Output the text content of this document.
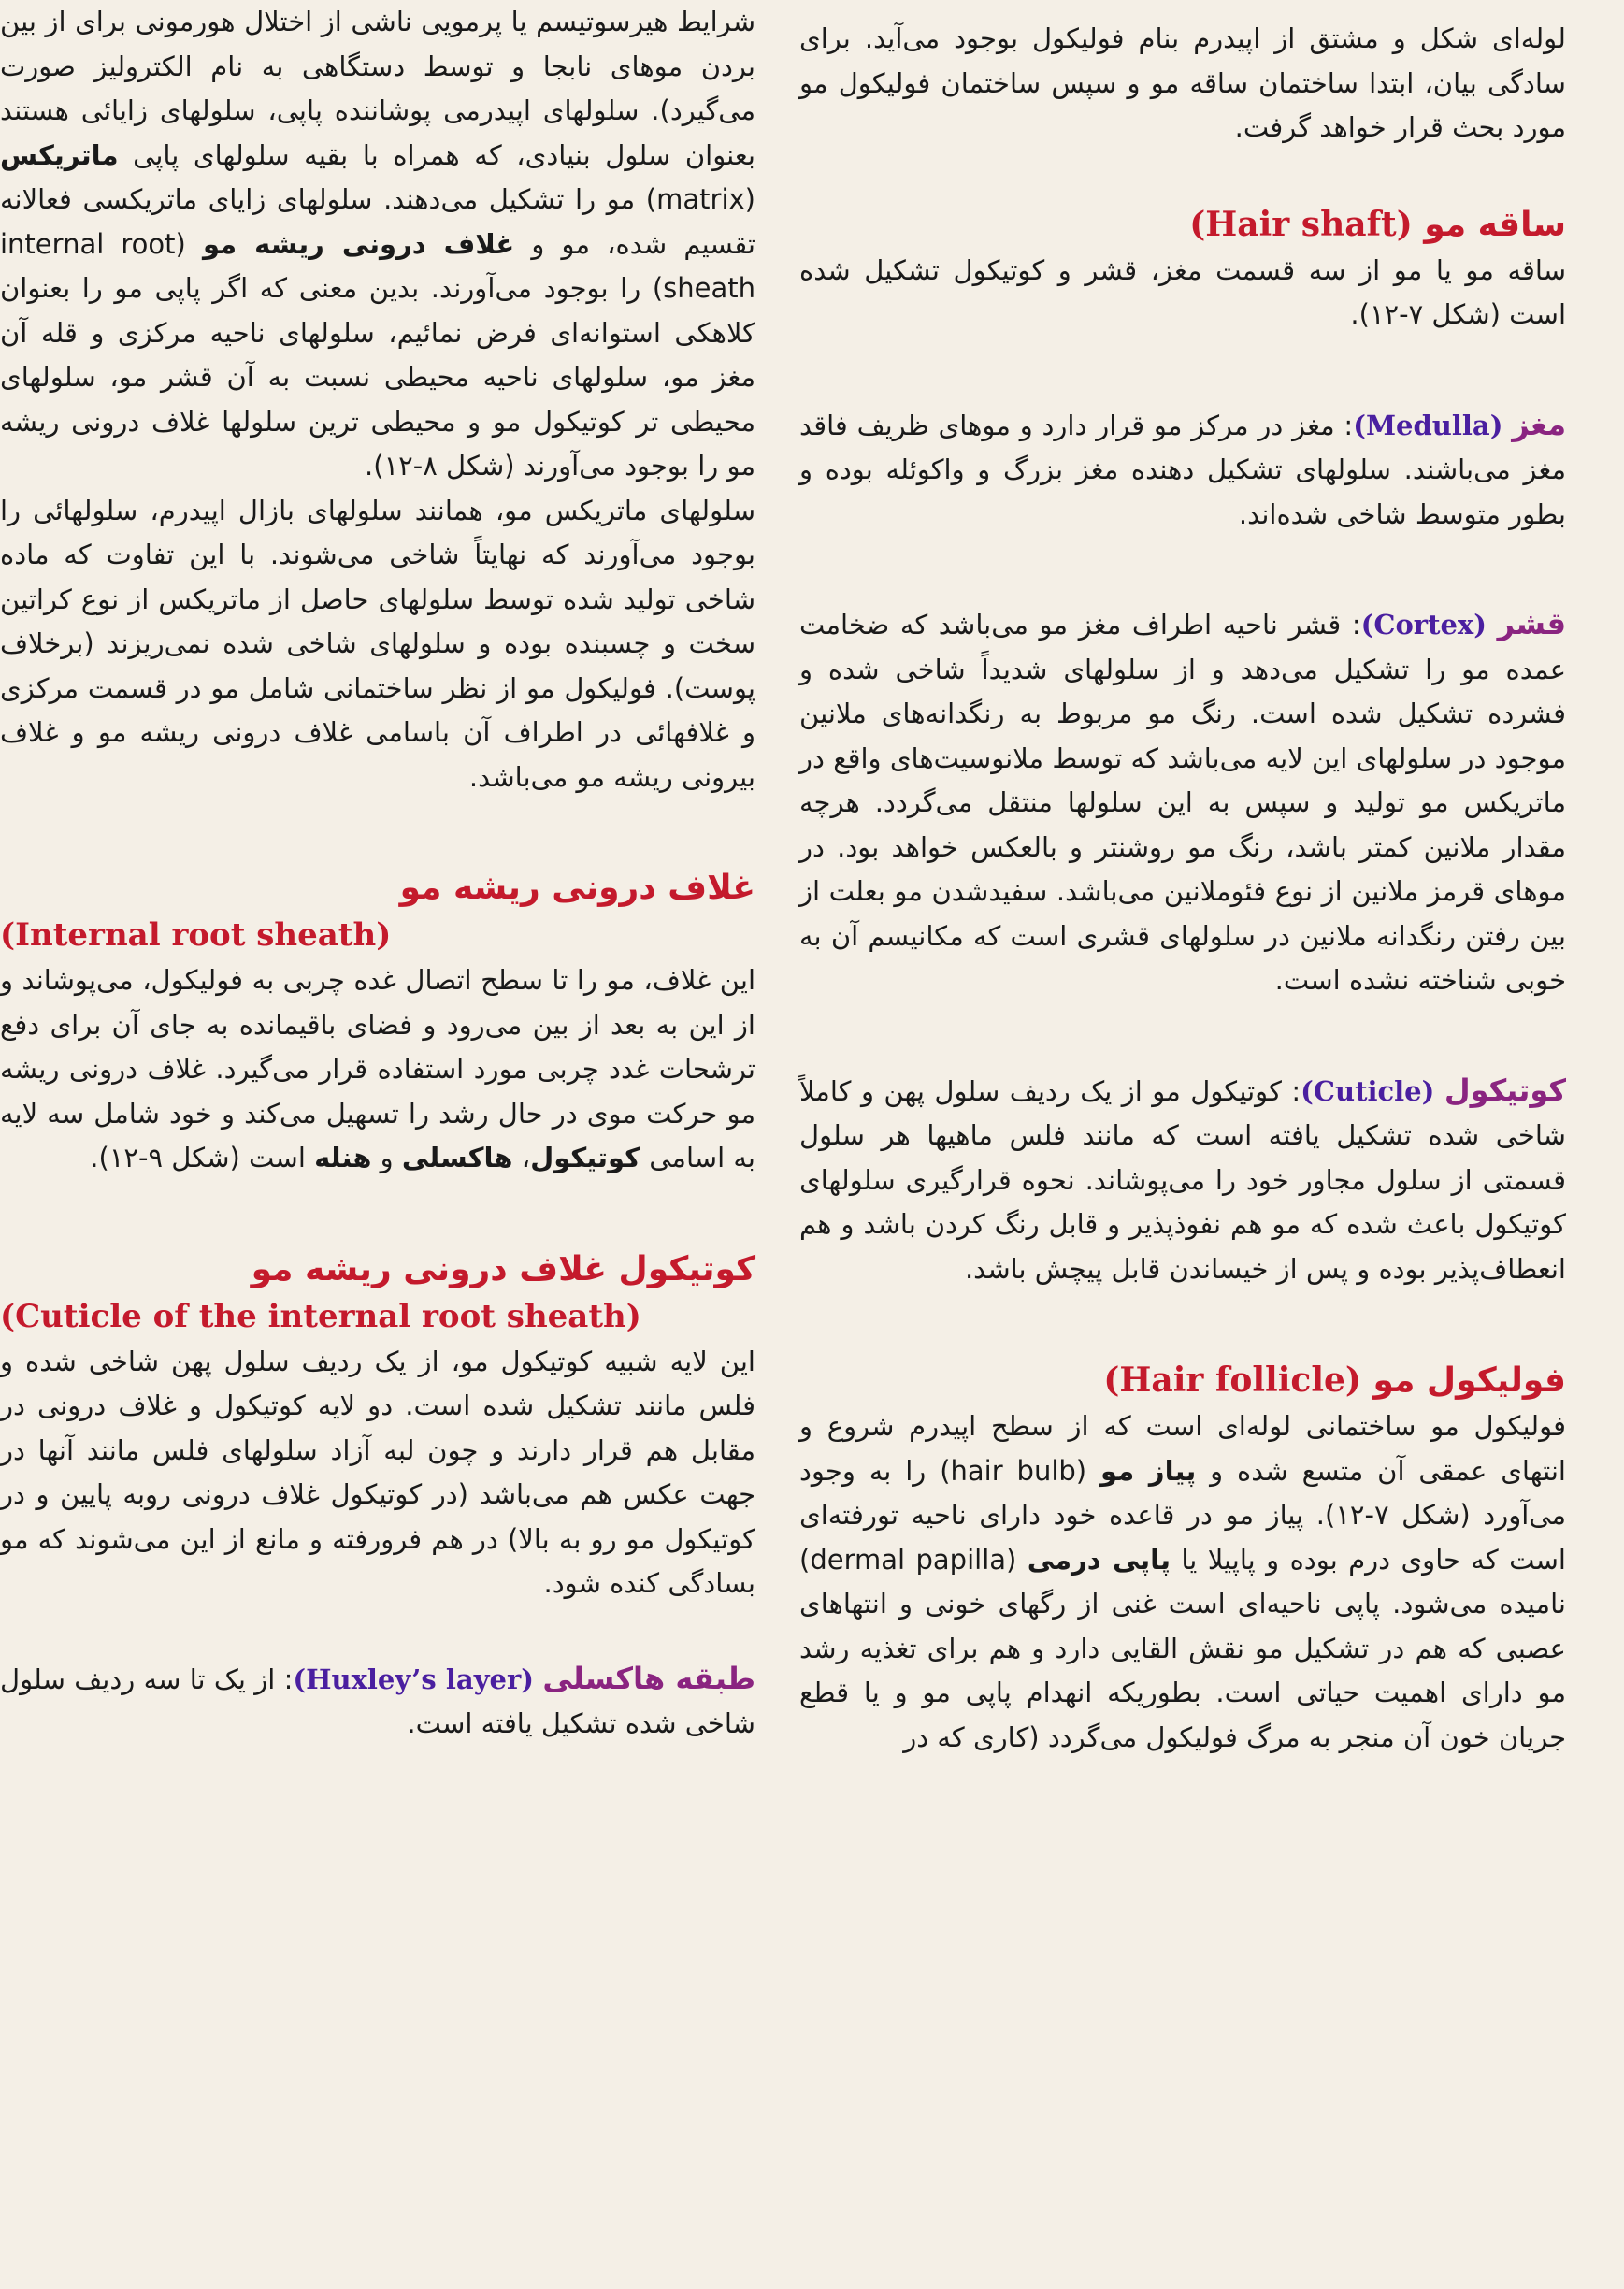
لوله‌ای شکل و مشتق از اپیدرم بنام فولیکول بوجود می‌آید. برای سادگی بیان، ابتدا ساختمان ساقه مو و سپس ساختمان فولیکول مو مورد بحث قرار خواهد گرفت.

ساقه مو (Hair shaft)

ساقه مو یا مو از سه قسمت مغز، قشر و کوتیکول تشکیل شده است (شکل ۷-۱۲).

مغز (Medulla): مغز در مرکز مو قرار دارد و موهای ظریف فاقد مغز می‌باشند. سلولهای تشکیل دهنده مغز بزرگ و واکوئله بوده و بطور متوسط شاخی شده‌اند.

قشر (Cortex): قشر ناحیه اطراف مغز مو می‌باشد که ضخامت عمده مو را تشکیل می‌دهد و از سلولهای شدیداً شاخی شده و فشرده تشکیل شده است. رنگ مو مربوط به رنگدانه‌های ملانین موجود در سلولهای این لایه می‌باشد که توسط ملانوسیت‌های واقع در ماتریکس مو تولید و سپس به این سلولها منتقل می‌گردد. هرچه مقدار ملانین کمتر باشد، رنگ مو روشنتر و بالعکس خواهد بود. در موهای قرمز ملانین از نوع فئوملانین می‌باشد. سفیدشدن مو بعلت از بین رفتن رنگدانه ملانین در سلولهای قشری است که مکانیسم آن به خوبی شناخته نشده است.

کوتیکول (Cuticle): کوتیکول مو از یک ردیف سلول پهن و کاملاً شاخی شده تشکیل یافته است که مانند فلس ماهیها هر سلول قسمتی از سلول مجاور خود را می‌پوشاند. نحوه قرارگیری سلولهای کوتیکول باعث شده که مو هم نفوذپذیر و قابل رنگ کردن باشد و هم انعطاف‌پذیر بوده و پس از خیساندن قابل پیچش باشد.

فولیکول مو (Hair follicle)

فولیکول مو ساختمانی لوله‌ای است که از سطح اپیدرم شروع و انتهای عمقی آن متسع شده و پیاز مو (hair bulb) را به وجود می‌آورد (شکل ۷-۱۲). پیاز مو در قاعده خود دارای ناحیه تورفته‌ای است که حاوی درم بوده و پاپیلا یا پاپی درمی (dermal papilla) نامیده می‌شود. پاپی ناحیه‌ای است غنی از رگهای خونی و انتهاهای عصبی که هم در تشکیل مو نقش القایی دارد و هم برای تغذیه رشد مو دارای اهمیت حیاتی است. بطوریکه انهدام پاپی مو و یا قطع جریان خون آن منجر به مرگ فولیکول می‌گردد (کاری که در

شرایط هیرسوتیسم یا پرمویی ناشی از اختلال هورمونی برای از بین بردن موهای نابجا و توسط دستگاهی به نام الکترولیز صورت می‌گیرد). سلولهای اپیدرمی پوشاننده پاپی، سلولهای زایائی هستند بعنوان سلول بنیادی، که همراه با بقیه سلولهای پاپی ماتریکس (matrix) مو را تشکیل می‌دهند. سلولهای زایای ماتریکسی فعالانه تقسیم شده، مو و غلاف درونی ریشه مو (internal root sheath) را بوجود می‌آورند. بدین معنی که اگر پاپی مو را بعنوان کلاهکی استوانه‌ای فرض نمائیم، سلولهای ناحیه مرکزی و قله آن مغز مو، سلولهای ناحیه محیطی نسبت به آن قشر مو، سلولهای محیطی تر کوتیکول مو و محیطی ترین سلولها غلاف درونی ریشه مو را بوجود می‌آورند (شکل ۸-۱۲).

سلولهای ماتریکس مو، همانند سلولهای بازال اپیدرم، سلولهائی را بوجود می‌آورند که نهایتاً شاخی می‌شوند. با این تفاوت که ماده شاخی تولید شده توسط سلولهای حاصل از ماتریکس از نوع کراتین سخت و چسبنده بوده و سلولهای شاخی شده نمی‌ریزند (برخلاف پوست). فولیکول مو از نظر ساختمانی شامل مو در قسمت مرکزی و غلافهائی در اطراف آن باسامی غلاف درونی ریشه مو و غلاف بیرونی ریشه مو می‌باشد.

غلاف درونی ریشه مو

(Internal root sheath)

این غلاف، مو را تا سطح اتصال غده چربی به فولیکول، می‌پوشاند و از این به بعد از بین می‌رود و فضای باقیمانده به جای آن برای دفع ترشحات غدد چربی مورد استفاده قرار می‌گیرد. غلاف درونی ریشه مو حرکت موی در حال رشد را تسهیل می‌کند و خود شامل سه لایه به اسامی کوتیکول، هاکسلی و هنله است (شکل ۹-۱۲).

کوتیکول غلاف درونی ریشه مو

(Cuticle of the internal root sheath)

این لایه شبیه کوتیکول مو، از یک ردیف سلول پهن شاخی شده و فلس مانند تشکیل شده است. دو لایه کوتیکول و غلاف درونی در مقابل هم قرار دارند و چون لبه آزاد سلولهای فلس مانند آنها در جهت عکس هم می‌باشد (در کوتیکول غلاف درونی روبه پایین و در کوتیکول مو رو به بالا) در هم فرورفته و مانع از این می‌شوند که مو بسادگی کنده شود.

طبقه هاکسلی (Huxley’s layer): از یک تا سه ردیف سلول شاخی شده تشکیل یافته است.
